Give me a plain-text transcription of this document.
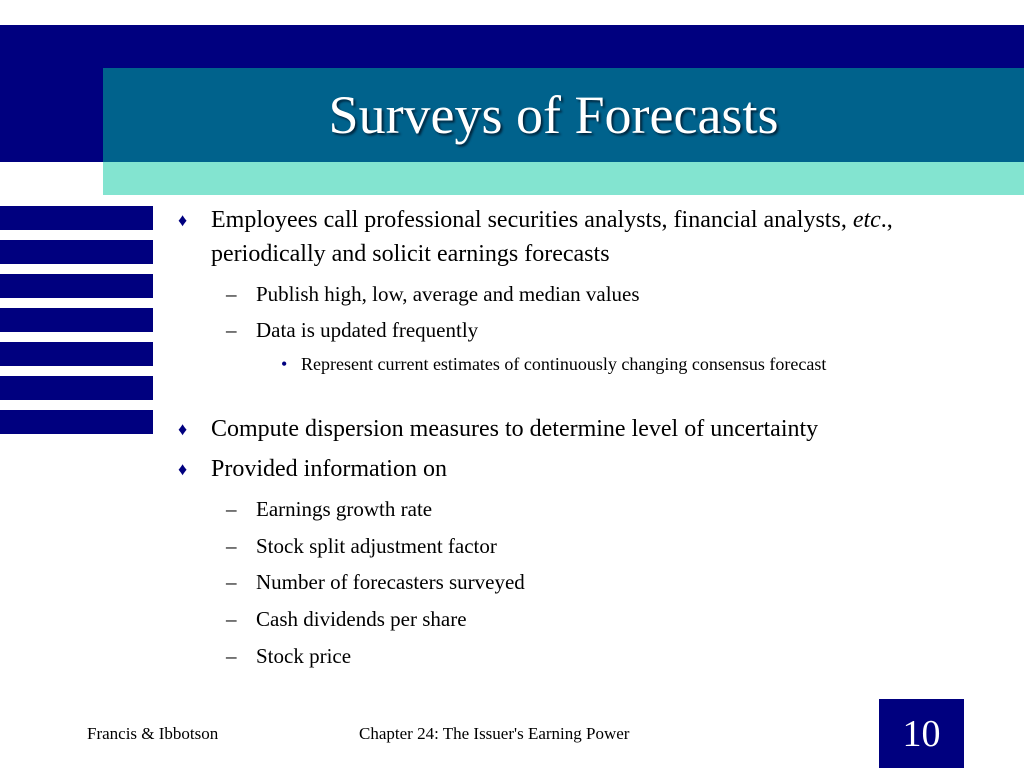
Surveys of Forecasts
♦ Employees call professional securities analysts, financial analysts, etc., periodically and solicit earnings forecasts
– Publish high, low, average and median values
– Data is updated frequently
• Represent current estimates of continuously changing consensus forecast
♦ Compute dispersion measures to determine level of uncertainty
♦ Provided information on
– Earnings growth rate
– Stock split adjustment factor
– Number of forecasters surveyed
– Cash dividends per share
– Stock price
Francis & Ibbotson	Chapter 24: The Issuer's Earning Power	10
